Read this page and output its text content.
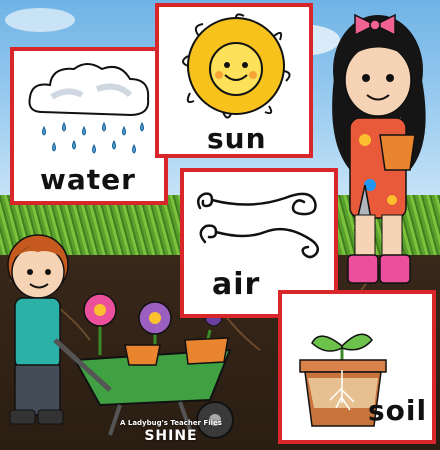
water
sun
air
soil
A Ladybug's Teacher Files
SHINE
